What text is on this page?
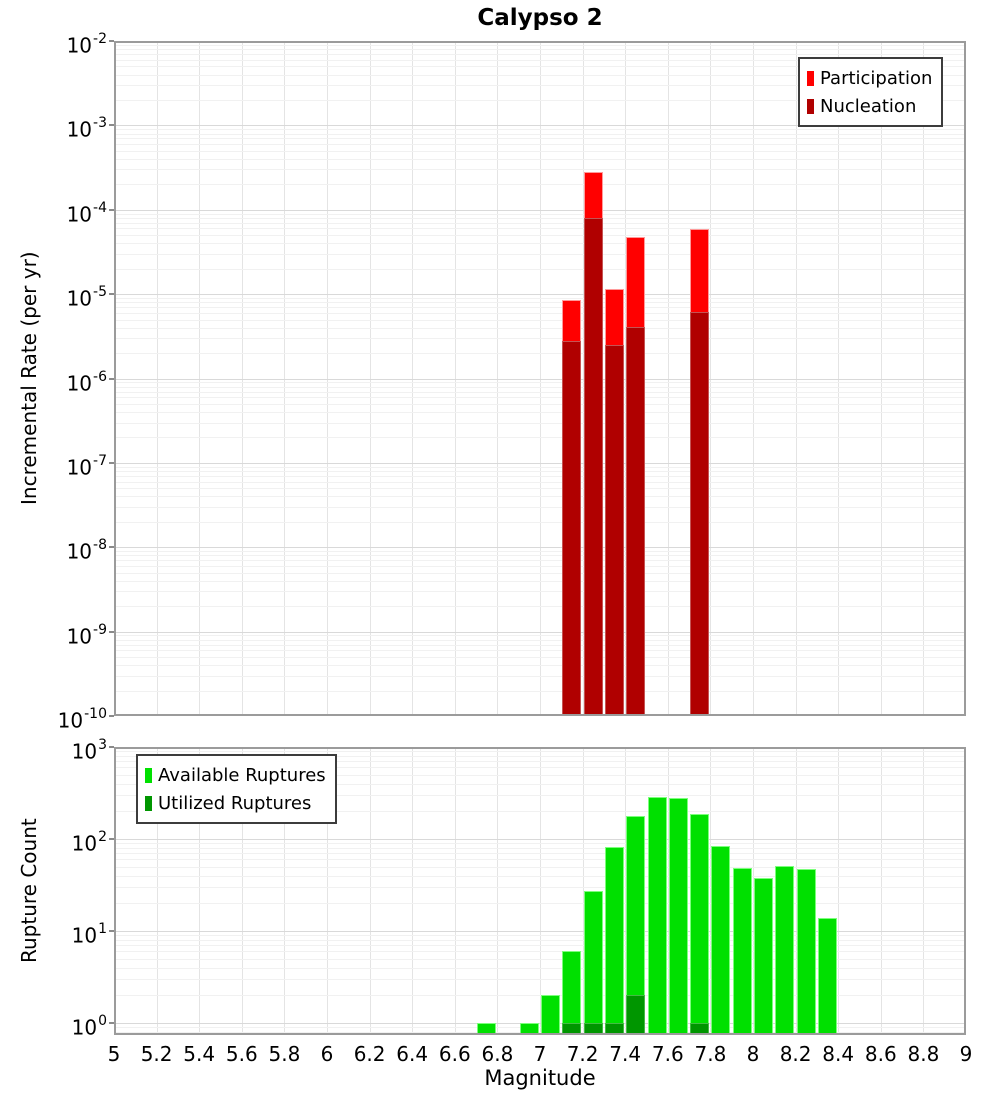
Calypso 2
Incremental Rate (per yr)
Rupture Count
$10^{-2}$
$10^{-3}$
$10^{-4}$
$10^{-5}$
$10^{-6}$
$10^{-7}$
$10^{-8}$
$10^{-9}$
$10^{-10}$
$10^3$
$10^2$
$10^1$
$10^0$
5	5.2 5.4 5.6 5.8	6	6.2 6.4 6.6 6.8	7	7.2 7.4 7.6 7.8	8	8.2 8.4 8.6 8.8	9
Participation
Nucleation
Available Ruptures
Utilized Ruptures
Magnitude
